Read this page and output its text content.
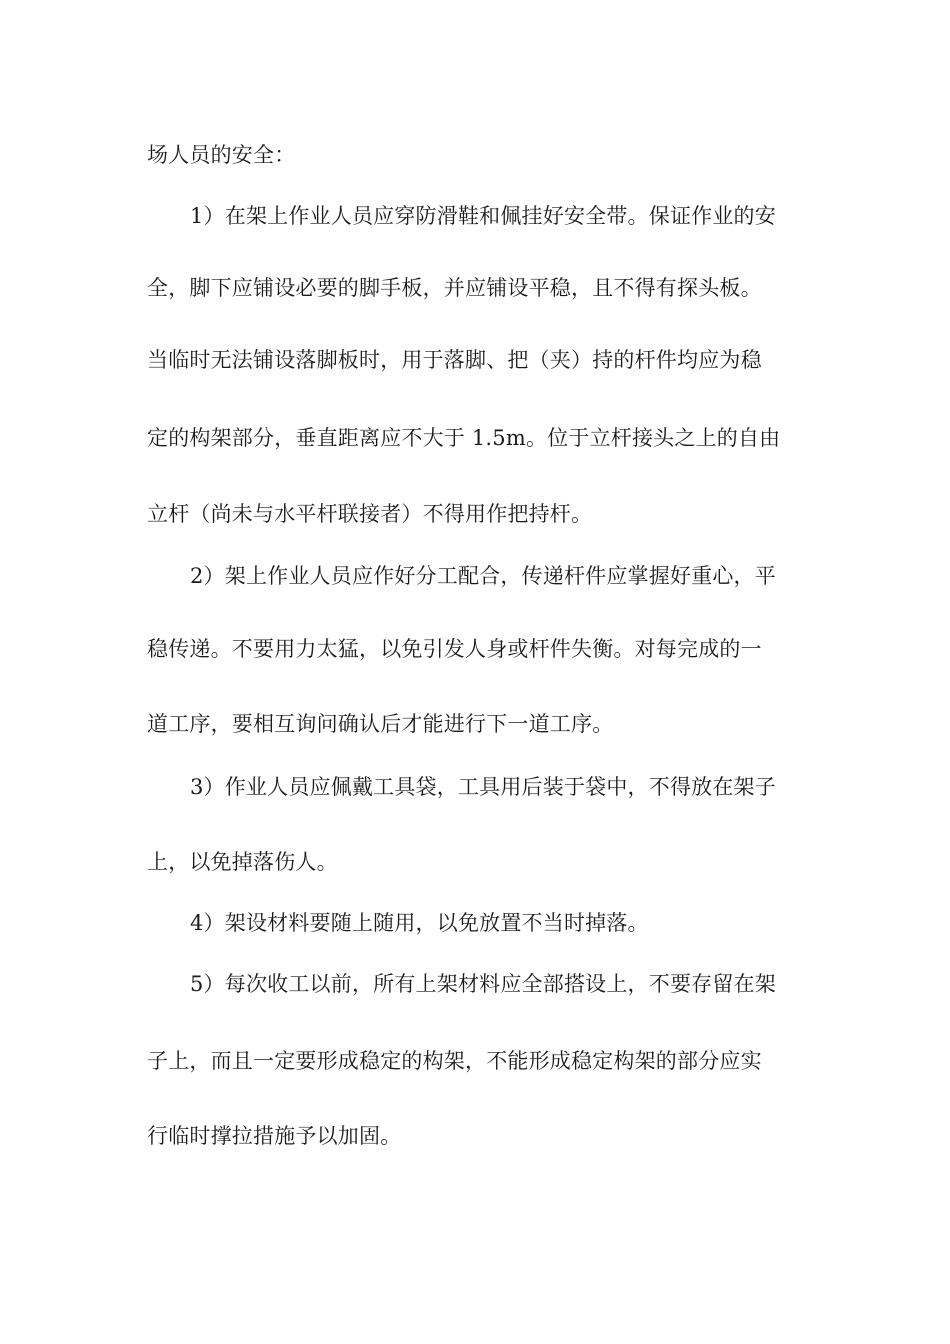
场人员的安全：
1）在架上作业人员应穿防滑鞋和佩挂好安全带。保证作业的安
全，脚下应铺设必要的脚手板，并应铺设平稳，且不得有探头板。
当临时无法铺设落脚板时，用于落脚、把（夹）持的杆件均应为稳
定的构架部分，垂直距离应不大于 1.5m。位于立杆接头之上的自由
立杆（尚未与水平杆联接者）不得用作把持杆。
2）架上作业人员应作好分工配合，传递杆件应掌握好重心，平
稳传递。不要用力太猛，以免引发人身或杆件失衡。对每完成的一
道工序，要相互询问确认后才能进行下一道工序。
3）作业人员应佩戴工具袋，工具用后装于袋中，不得放在架子
上，以免掉落伤人。
4）架设材料要随上随用，以免放置不当时掉落。
5）每次收工以前，所有上架材料应全部搭设上，不要存留在架
子上，而且一定要形成稳定的构架，不能形成稳定构架的部分应实
行临时撑拉措施予以加固。
